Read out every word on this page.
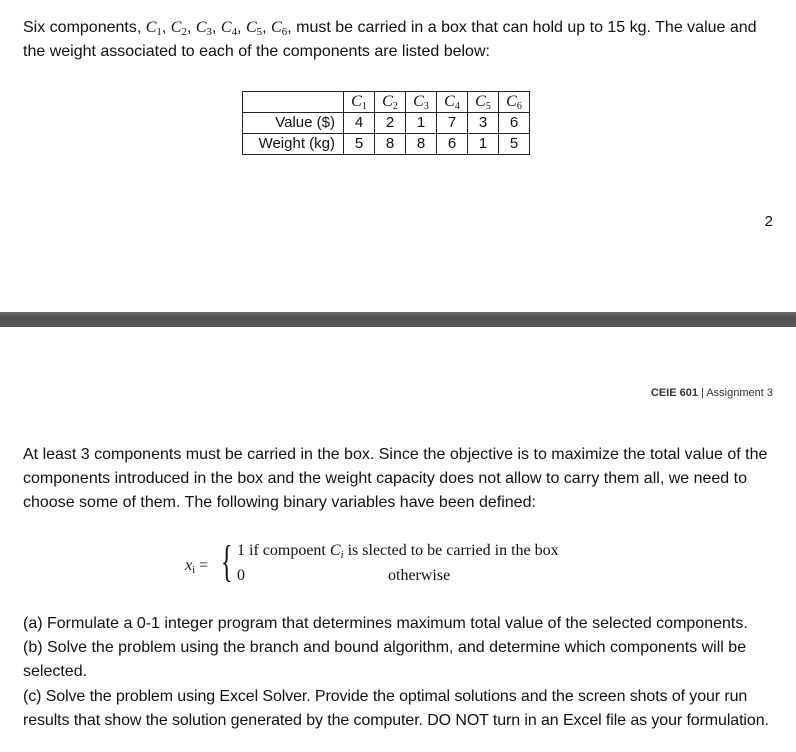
Six components, $C_1$, $C_2$, $C_3$, $C_4$, $C_5$, $C_6$, must be carried in a box that can hold up to 15 kg. The value and the weight associated to each of the components are listed below:

	$C_1$	$C_2$	$C_3$	$C_4$	$C_5$	$C_6$
Value ($)	4	2	1	7	3	6
Weight (kg)	5	8	8	6	1	5
2
CEIE 601 | Assignment 3

At least 3 components must be carried in the box. Since the objective is to maximize the total value of the components introduced in the box and the weight capacity does not allow to carry them all, we need to choose some of them. The following binary variables have been defined:

$x_i$ = { 1 if compoent $C_i$ is slected to be carried in the box
0	otherwise

(a) Formulate a 0-1 integer program that determines maximum total value of the selected components.

(b) Solve the problem using the branch and bound algorithm, and determine which components will be selected.

(c) Solve the problem using Excel Solver. Provide the optimal solutions and the screen shots of your run results that show the solution generated by the computer. DO NOT turn in an Excel file as your formulation.
